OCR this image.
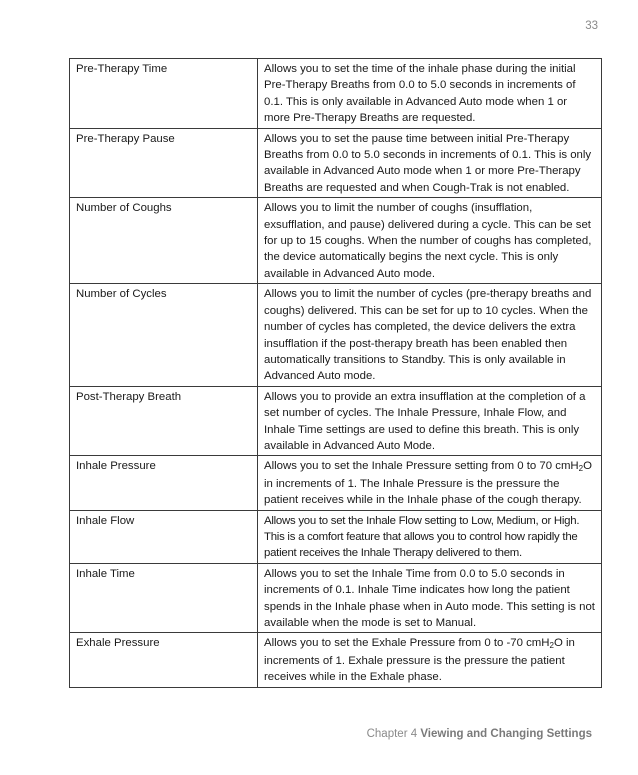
33
Pre-Therapy Time	Allows you to set the time of the inhale phase during the initial Pre-Therapy Breaths from 0.0 to 5.0 seconds in increments of 0.1. This is only available in Advanced Auto mode when 1 or more Pre-Therapy Breaths are requested.
Pre-Therapy Pause	Allows you to set the pause time between initial Pre-Therapy Breaths from 0.0 to 5.0 seconds in increments of 0.1. This is only available in Advanced Auto mode when 1 or more Pre-Therapy Breaths are requested and when Cough-Trak is not enabled.
Number of Coughs	Allows you to limit the number of coughs (insufflation, exsufflation, and pause) delivered during a cycle. This can be set for up to 15 coughs. When the number of coughs has completed, the device automatically begins the next cycle. This is only available in Advanced Auto mode.
Number of Cycles	Allows you to limit the number of cycles (pre-therapy breaths and coughs) delivered. This can be set for up to 10 cycles. When the number of cycles has completed, the device delivers the extra insufflation if the post-therapy breath has been enabled then automatically transitions to Standby. This is only available in Advanced Auto mode.
Post-Therapy Breath	Allows you to provide an extra insufflation at the completion of a set number of cycles. The Inhale Pressure, Inhale Flow, and Inhale Time settings are used to define this breath. This is only available in Advanced Auto Mode.
Inhale Pressure	Allows you to set the Inhale Pressure setting from 0 to 70 cmH2O in increments of 1. The Inhale Pressure is the pressure the patient receives while in the Inhale phase of the cough therapy.
Inhale Flow	Allows you to set the Inhale Flow setting to Low, Medium, or High. This is a comfort feature that allows you to control how rapidly the patient receives the Inhale Therapy delivered to them.
Inhale Time	Allows you to set the Inhale Time from 0.0 to 5.0 seconds in increments of 0.1. Inhale Time indicates how long the patient spends in the Inhale phase when in Auto mode. This setting is not available when the mode is set to Manual.
Exhale Pressure	Allows you to set the Exhale Pressure from 0 to -70 cmH2O in increments of 1. Exhale pressure is the pressure the patient receives while in the Exhale phase.
Chapter 4 Viewing and Changing Settings
